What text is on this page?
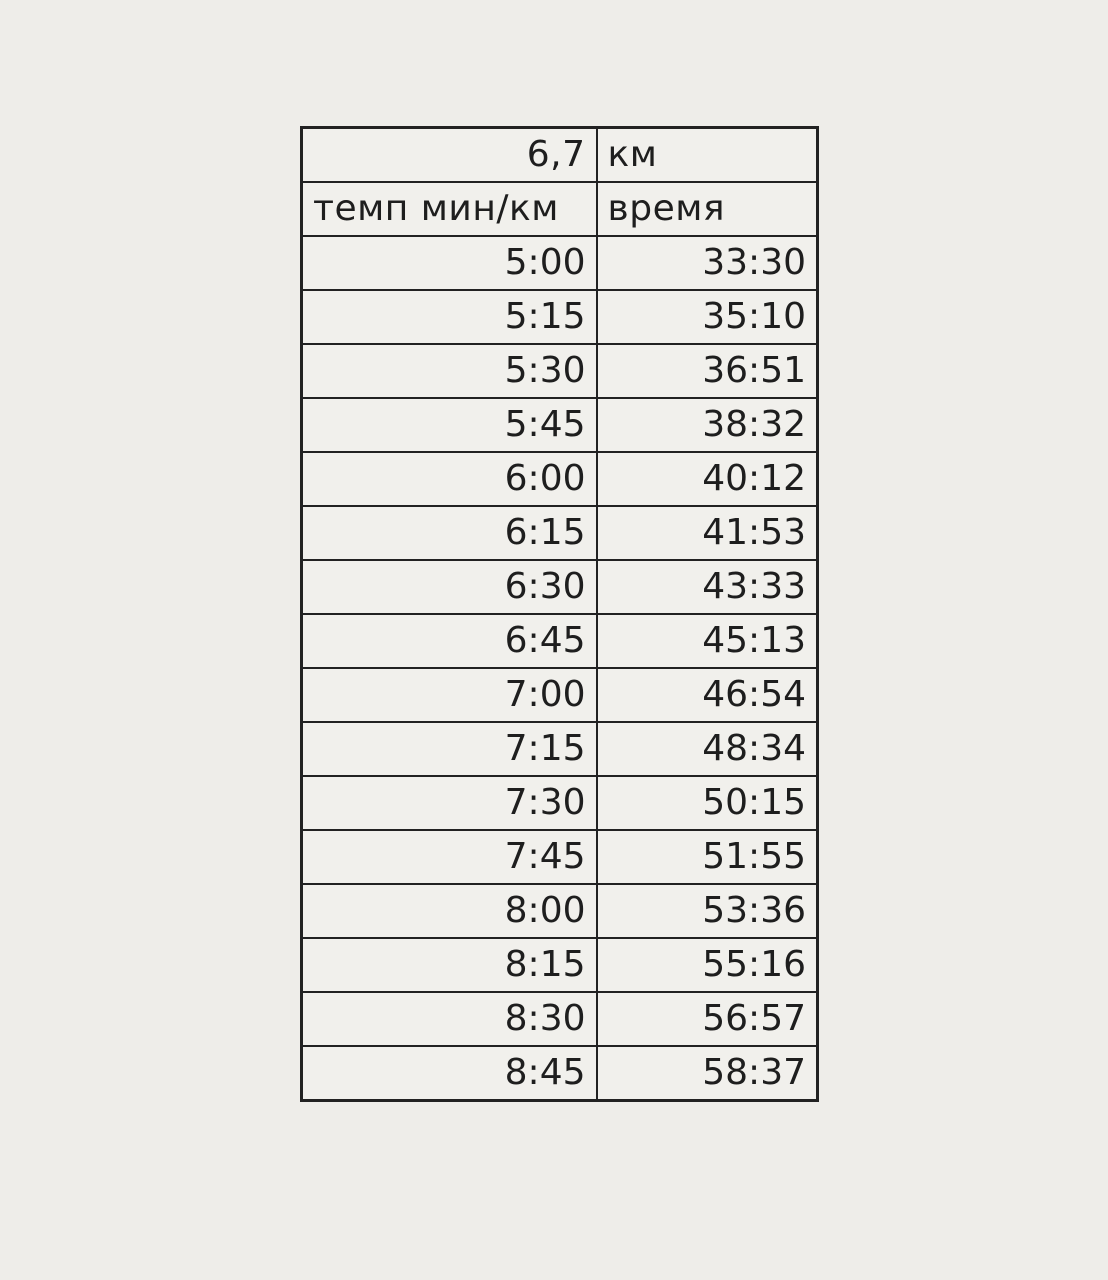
6,7	км
темп мин/км	время
5:00	33:30
5:15	35:10
5:30	36:51
5:45	38:32
6:00	40:12
6:15	41:53
6:30	43:33
6:45	45:13
7:00	46:54
7:15	48:34
7:30	50:15
7:45	51:55
8:00	53:36
8:15	55:16
8:30	56:57
8:45	58:37
